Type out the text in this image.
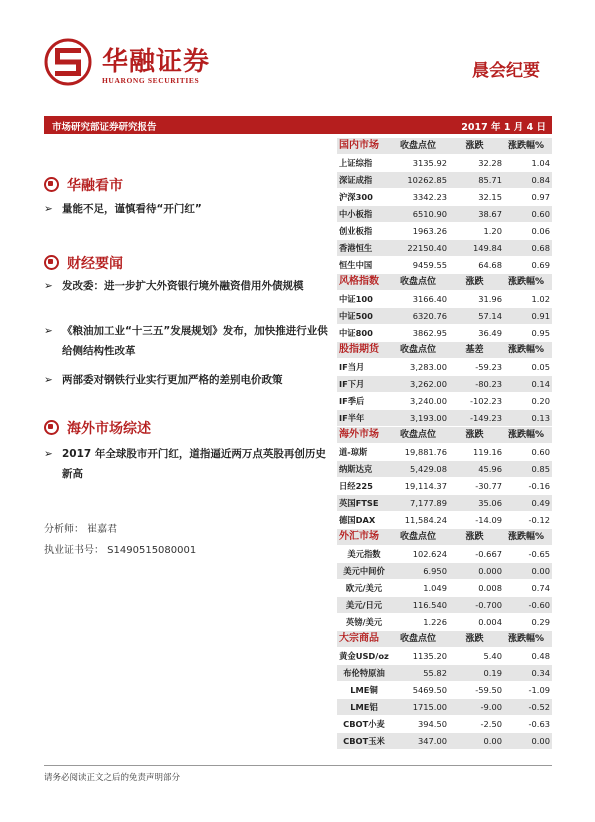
华融证券
HUARONG SECURITIES	晨会纪要
市场研究部证券研究报告	2017 年 1 月 4 日
华融看市
➢ 量能不足，谨慎看待“开门红”
财经要闻
➢ 发改委：进一步扩大外资银行境外融资借用外债规模
➢ 《粮油加工业“十三五”发展规划》发布，加快推进行业供给侧结构性改革
➢ 两部委对钢铁行业实行更加严格的差别电价政策
海外市场综述
➢ 2017 年全球股市开门红，道指逼近两万点英股再创历史新高
分析师： 崔嘉君
执业证书号： S1490515080001
国内市场	收盘点位	涨跌	涨跌幅%
上证综指	3135.92	32.28	1.04
深证成指	10262.85	85.71	0.84
沪深300	3342.23	32.15	0.97
中小板指	6510.90	38.67	0.60
创业板指	1963.26	1.20	0.06
香港恒生	22150.40	149.84	0.68
恒生中国	9459.55	64.68	0.69
风格指数	收盘点位	涨跌	涨跌幅%
中证100	3166.40	31.96	1.02
中证500	6320.76	57.14	0.91
中证800	3862.95	36.49	0.95
股指期货	收盘点位	基差	涨跌幅%
IF当月	3,283.00	-59.23	0.05
IF下月	3,262.00	-80.23	0.14
IF季后	3,240.00	-102.23	0.20
IF半年	3,193.00	-149.23	0.13
海外市场	收盘点位	涨跌	涨跌幅%
道-琼斯	19,881.76	119.16	0.60
纳斯达克	5,429.08	45.96	0.85
日经225	19,114.37	-30.77	-0.16
英国FTSE	7,177.89	35.06	0.49
德国DAX	11,584.24	-14.09	-0.12
外汇市场	收盘点位	涨跌	涨跌幅%
美元指数	102.624	-0.667	-0.65
美元中间价	6.950	0.000	0.00
欧元/美元	1.049	0.008	0.74
美元/日元	116.540	-0.700	-0.60
英镑/美元	1.226	0.004	0.29
大宗商品	收盘点位	涨跌	涨跌幅%
黄金USD/oz	1135.20	5.40	0.48
布伦特原油	55.82	0.19	0.34
LME铜	5469.50	-59.50	-1.09
LME铝	1715.00	-9.00	-0.52
CBOT小麦	394.50	-2.50	-0.63
CBOT玉米	347.00	0.00	0.00
请务必阅读正文之后的免责声明部分
